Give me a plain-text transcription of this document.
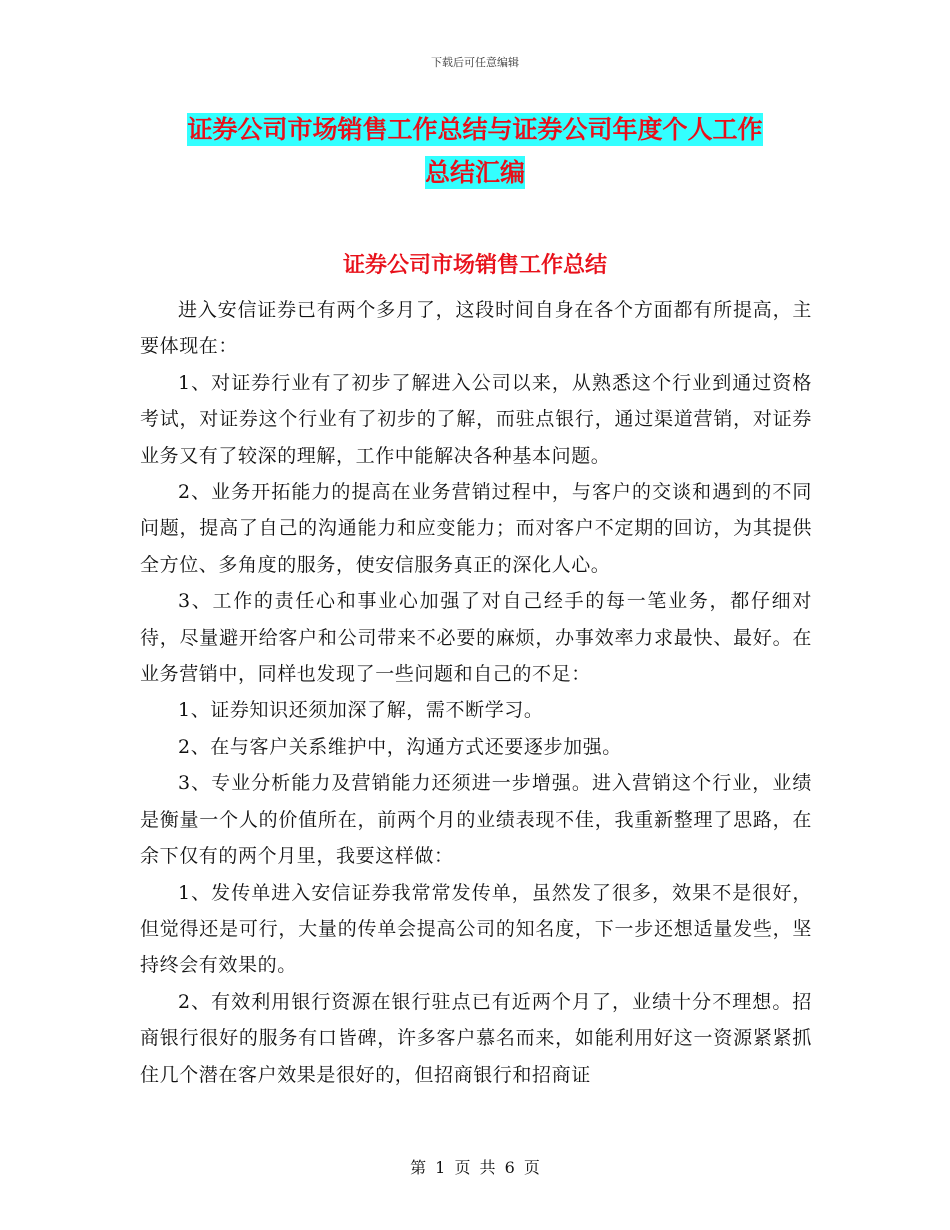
下载后可任意编辑
证券公司市场销售工作总结与证券公司年度个人工作
总结汇编
证券公司市场销售工作总结

进入安信证券已有两个多月了，这段时间自身在各个方面都有所提高，主要体现在：

1、对证券行业有了初步了解进入公司以来，从熟悉这个行业到通过资格考试，对证券这个行业有了初步的了解，而驻点银行，通过渠道营销，对证券业务又有了较深的理解，工作中能解决各种基本问题。

2、业务开拓能力的提高在业务营销过程中，与客户的交谈和遇到的不同问题，提高了自己的沟通能力和应变能力；而对客户不定期的回访，为其提供全方位、多角度的服务，使安信服务真正的深化人心。

3、工作的责任心和事业心加强了对自己经手的每一笔业务，都仔细对待，尽量避开给客户和公司带来不必要的麻烦，办事效率力求最快、最好。在业务营销中，同样也发现了一些问题和自己的不足：

1、证券知识还须加深了解，需不断学习。

2、在与客户关系维护中，沟通方式还要逐步加强。

3、专业分析能力及营销能力还须进一步增强。进入营销这个行业，业绩是衡量一个人的价值所在，前两个月的业绩表现不佳，我重新整理了思路，在余下仅有的两个月里，我要这样做：

1、发传单进入安信证券我常常发传单，虽然发了很多，效果不是很好，但觉得还是可行，大量的传单会提高公司的知名度，下一步还想适量发些，坚持终会有效果的。

2、有效利用银行资源在银行驻点已有近两个月了，业绩十分不理想。招商银行很好的服务有口皆碑，许多客户慕名而来，如能利用好这一资源紧紧抓住几个潜在客户效果是很好的，但招商银行和招商证

第 1 页 共 6 页
